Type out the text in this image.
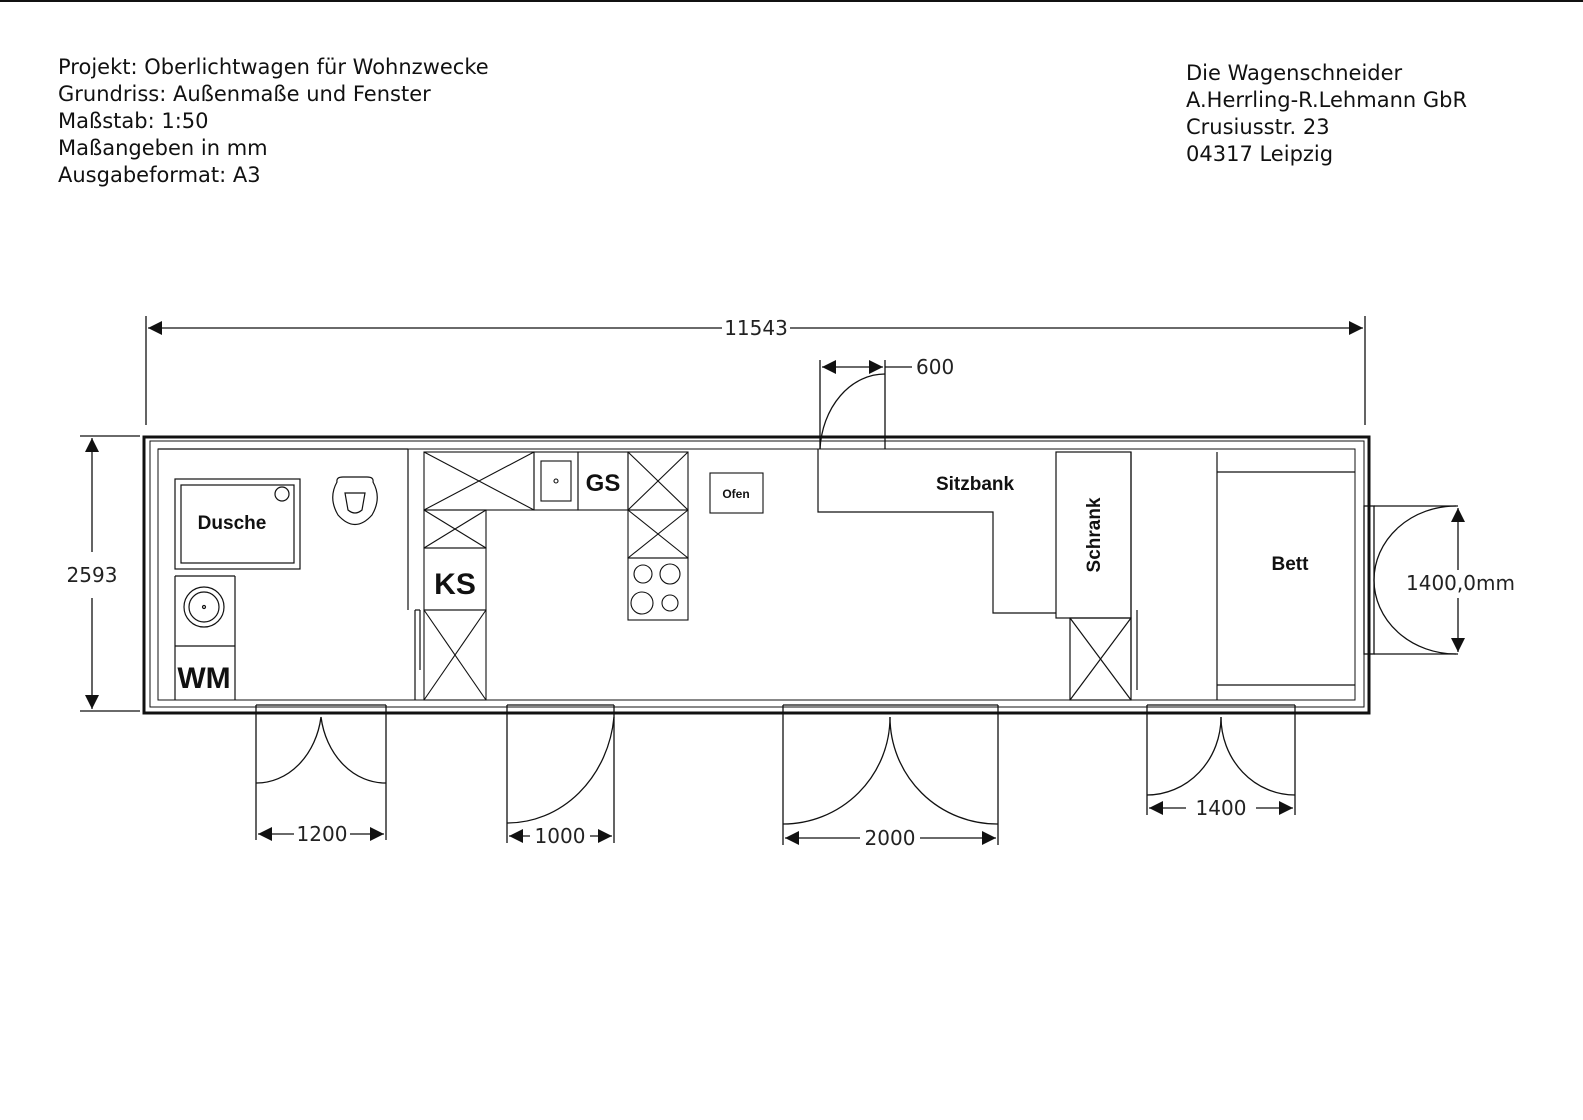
Projekt: Oberlichtwagen für Wohnzwecke
Grundriss: Außenmaße und Fenster
Maßstab: 1:50
Maßangeben in mm
Ausgabeformat: A3
Die Wagenschneider
A.Herrling-R.Lehmann GbR
Crusiusstr. 23
04317 Leipzig
11543
2593
Dusche
WM
KS
GS	Ofen	Sitzbank
Schrank	Bett
600
1400,0mm
1200	1000	2000
1400
